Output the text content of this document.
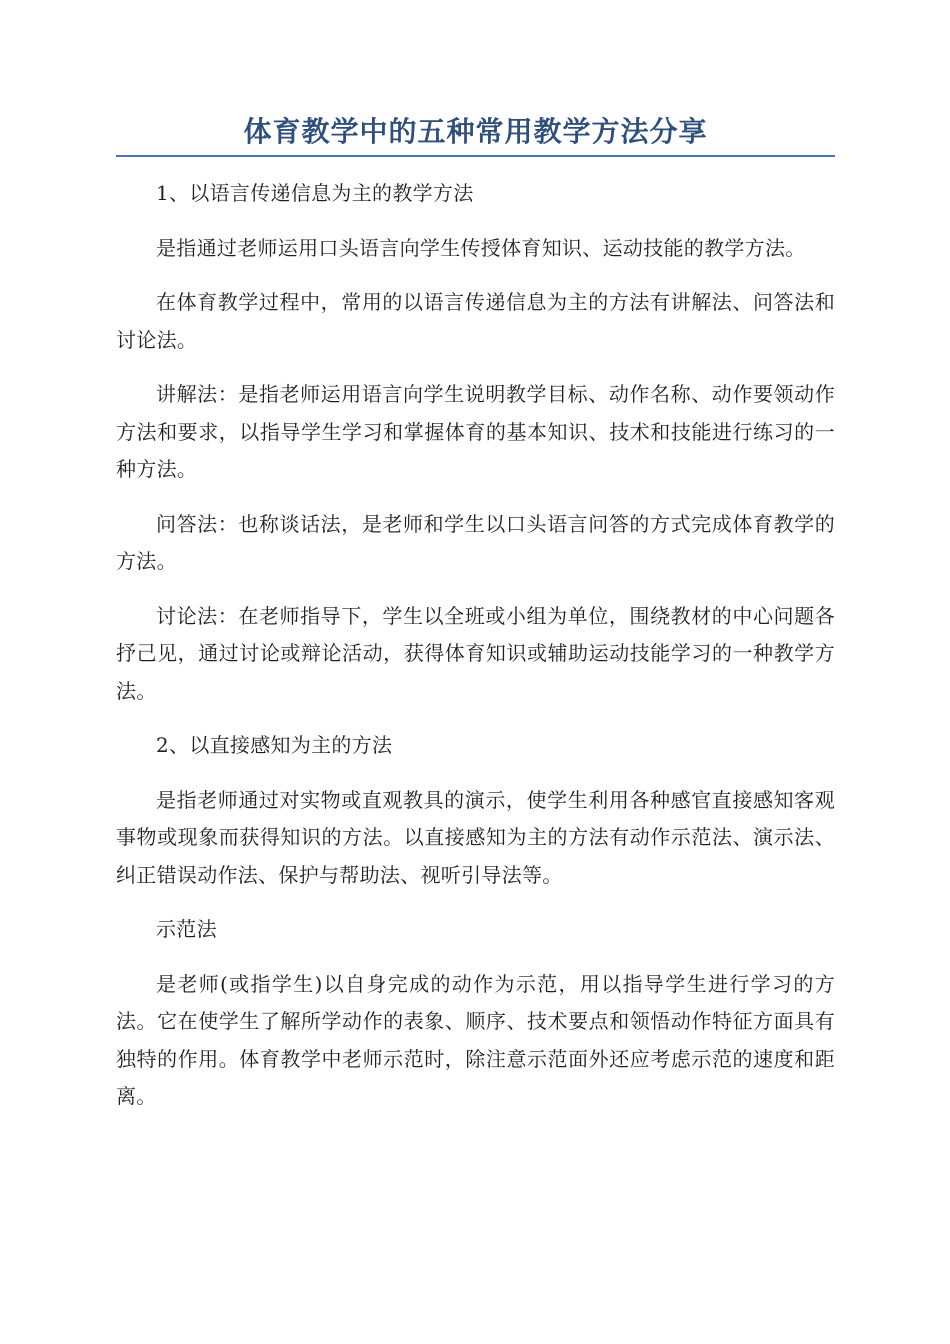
体育教学中的五种常用教学方法分享

1、以语言传递信息为主的教学方法

是指通过老师运用口头语言向学生传授体育知识、运动技能的教学方法。

在体育教学过程中，常用的以语言传递信息为主的方法有讲解法、问答法和讨论法。

讲解法：是指老师运用语言向学生说明教学目标、动作名称、动作要领动作方法和要求，以指导学生学习和掌握体育的基本知识、技术和技能进行练习的一种方法。

问答法：也称谈话法，是老师和学生以口头语言问答的方式完成体育教学的方法。

讨论法：在老师指导下，学生以全班或小组为单位，围绕教材的中心问题各抒己见，通过讨论或辩论活动，获得体育知识或辅助运动技能学习的一种教学方法。

2、以直接感知为主的方法

是指老师通过对实物或直观教具的演示，使学生利用各种感官直接感知客观事物或现象而获得知识的方法。以直接感知为主的方法有动作示范法、演示法、纠正错误动作法、保护与帮助法、视听引导法等。

示范法

是老师(或指学生)以自身完成的动作为示范，用以指导学生进行学习的方法。它在使学生了解所学动作的表象、顺序、技术要点和领悟动作特征方面具有独特的作用。体育教学中老师示范时，除注意示范面外还应考虑示范的速度和距离。
